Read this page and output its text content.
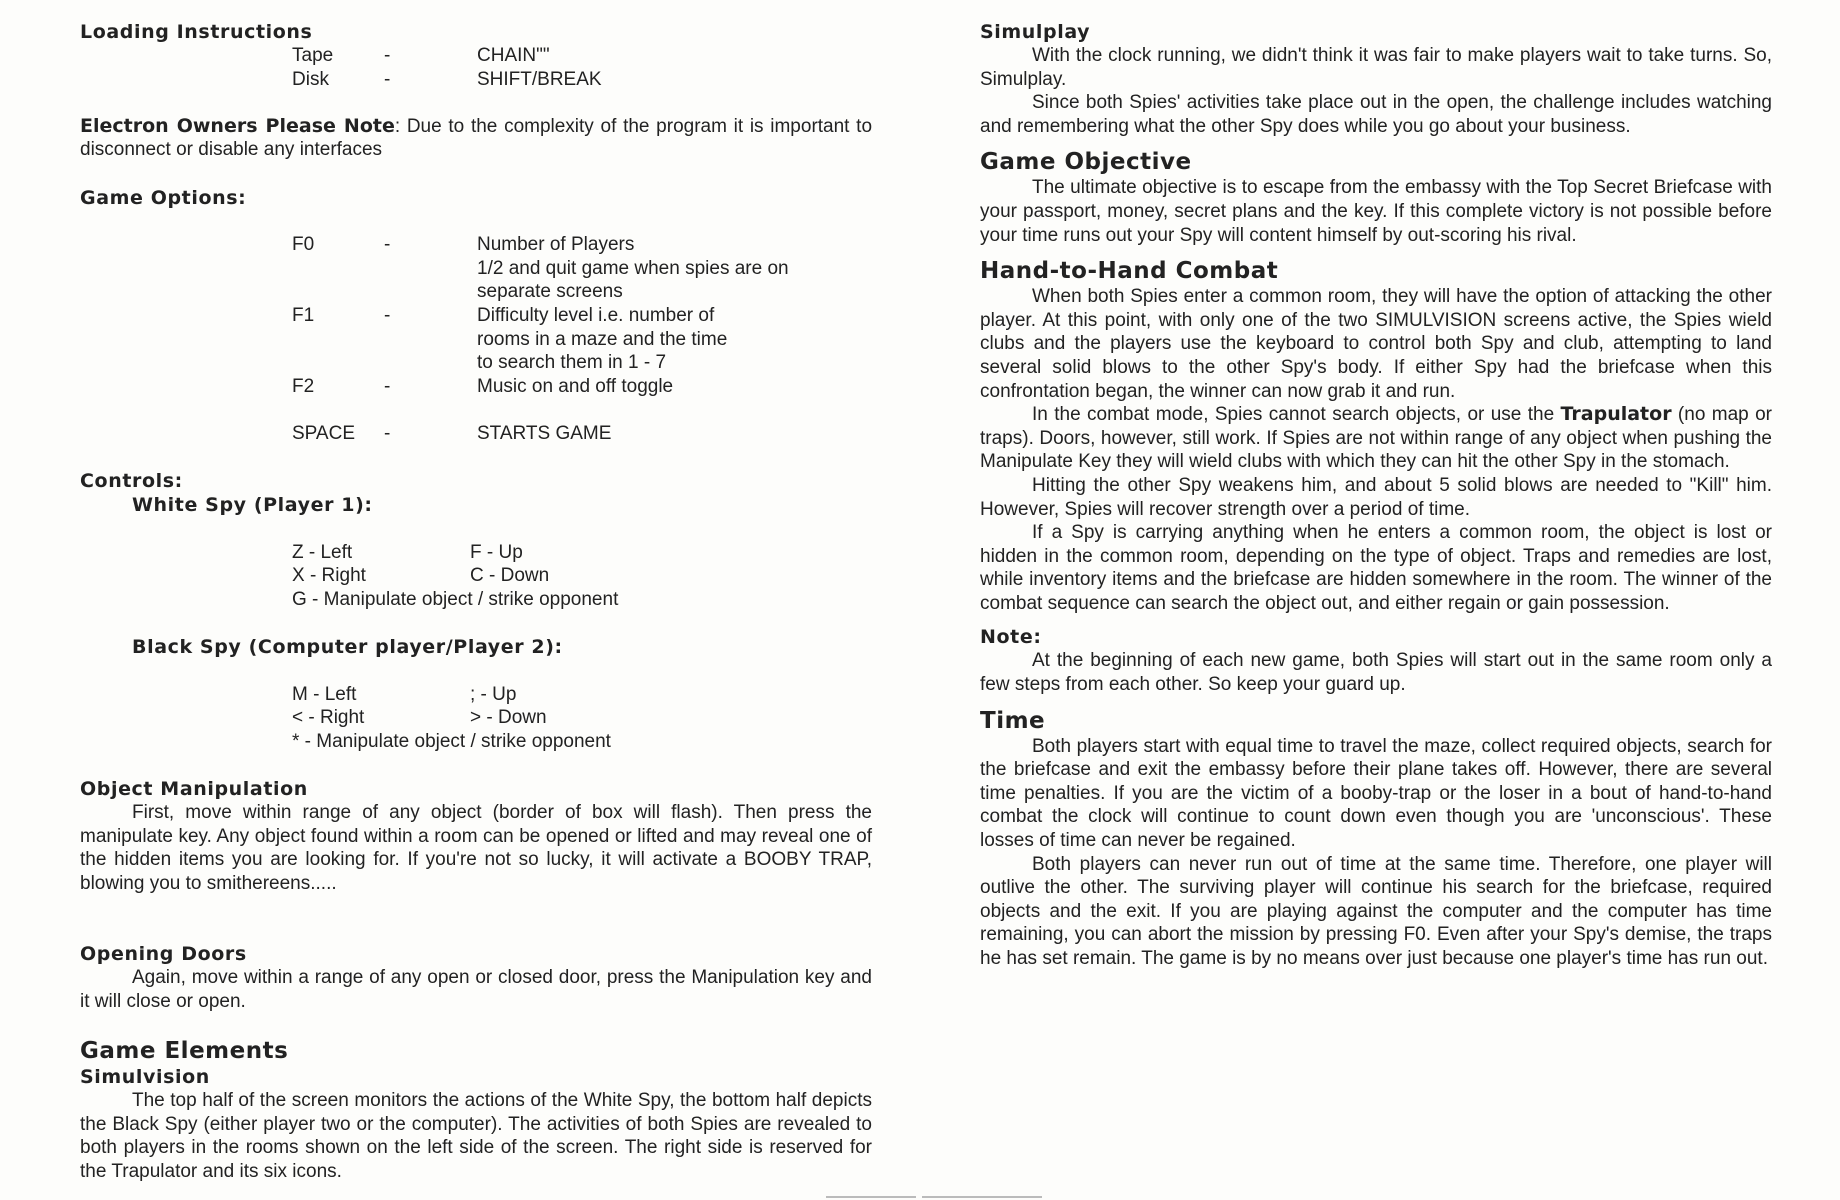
Loading Instructions
Tape	-	CHAIN""
Disk	-	SHIFT/BREAK

Electron Owners Please Note: Due to the complexity of the program it is important to disconnect or disable any interfaces

Game Options:
F0	-	Number of Players
1/2 and quit game when spies are on
separate screens
F1	-	Difficulty level i.e. number of
rooms in a maze and the time
to search them in 1 - 7
F2	-	Music on and off toggle
SPACE	-	STARTS GAME
Controls:
White Spy (Player 1):
Z - Left	F - Up
X - Right	C - Down
G - Manipulate object / strike opponent
Black Spy (Computer player/Player 2):
M - Left	; - Up
< - Right	> - Down
* - Manipulate object / strike opponent
Object Manipulation

First, move within range of any object (border of box will flash). Then press the manipulate key. Any object found within a room can be opened or lifted and may reveal one of the hidden items you are looking for. If you're not so lucky, it will activate a BOOBY TRAP, blowing you to smithereens.....

Opening Doors

Again, move within a range of any open or closed door, press the Manipulation key and it will close or open.

Game Elements
Simulvision

The top half of the screen monitors the actions of the White Spy, the bottom half depicts the Black Spy (either player two or the computer). The activities of both Spies are revealed to both players in the rooms shown on the left side of the screen. The right side is reserved for the Trapulator and its six icons.

Simulplay

With the clock running, we didn't think it was fair to make players wait to take turns. So, Simulplay.

Since both Spies' activities take place out in the open, the challenge includes watching and remembering what the other Spy does while you go about your business.

Game Objective

The ultimate objective is to escape from the embassy with the Top Secret Briefcase with your passport, money, secret plans and the key. If this complete victory is not possible before your time runs out your Spy will content himself by out-scoring his rival.

Hand-to-Hand Combat

When both Spies enter a common room, they will have the option of attacking the other player. At this point, with only one of the two SIMULVISION screens active, the Spies wield clubs and the players use the keyboard to control both Spy and club, attempting to land several solid blows to the other Spy's body. If either Spy had the briefcase when this confrontation began, the winner can now grab it and run.

In the combat mode, Spies cannot search objects, or use the Trapulator (no map or traps). Doors, however, still work. If Spies are not within range of any object when pushing the Manipulate Key they will wield clubs with which they can hit the other Spy in the stomach.

Hitting the other Spy weakens him, and about 5 solid blows are needed to "Kill" him. However, Spies will recover strength over a period of time.

If a Spy is carrying anything when he enters a common room, the object is lost or hidden in the common room, depending on the type of object. Traps and remedies are lost, while inventory items and the briefcase are hidden somewhere in the room. The winner of the combat sequence can search the object out, and either regain or gain possession.

Note:

At the beginning of each new game, both Spies will start out in the same room only a few steps from each other. So keep your guard up.

Time

Both players start with equal time to travel the maze, collect required objects, search for the briefcase and exit the embassy before their plane takes off. However, there are several time penalties. If you are the victim of a booby-trap or the loser in a bout of hand-to-hand combat the clock will continue to count down even though you are 'unconscious'. These losses of time can never be regained.

Both players can never run out of time at the same time. Therefore, one player will outlive the other. The surviving player will continue his search for the briefcase, required objects and the exit. If you are playing against the computer and the computer has time remaining, you can abort the mission by pressing F0. Even after your Spy's demise, the traps he has set remain. The game is by no means over just because one player's time has run out.
